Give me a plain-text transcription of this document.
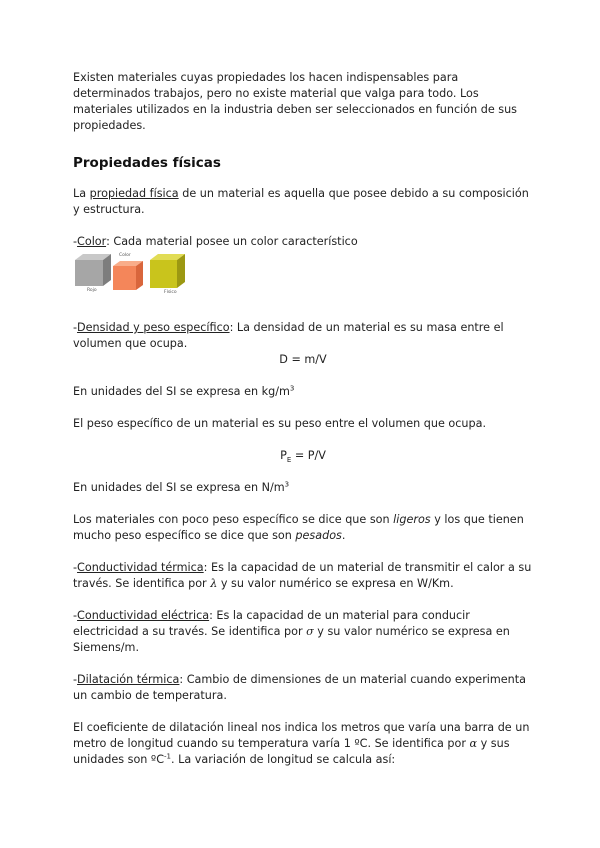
Existen materiales cuyas propiedades los hacen indispensables para determinados trabajos, pero no existe material que valga para todo. Los materiales utilizados en la industria deben ser seleccionados en función de sus propiedades.

Propiedades físicas

La propiedad física de un material es aquella que posee debido a su composición y estructura.

-Color: Cada material posee un color característico

Color
Rojo	Físico

-Densidad y peso específico: La densidad de un material es su masa entre el volumen que ocupa.

D = m/V

En unidades del SI se expresa en $kg/m^3$

El peso específico de un material es su peso entre el volumen que ocupa.

$P_E = P/V$

En unidades del SI se expresa en $N/m^3$

Los materiales con poco peso específico se dice que son ligeros y los que tienen mucho peso específico se dice que son pesados.

-Conductividad térmica: Es la capacidad de un material de transmitir el calor a su través. Se identifica por λ y su valor numérico se expresa en W/Km.

-Conductividad eléctrica: Es la capacidad de un material para conducir electricidad a su través. Se identifica por σ y su valor numérico se expresa en Siemens/m.

-Dilatación térmica: Cambio de dimensiones de un material cuando experimenta un cambio de temperatura.

El coeficiente de dilatación lineal nos indica los metros que varía una barra de un metro de longitud cuando su temperatura varía 1 ºC. Se identifica por α y sus unidades son ºC$^{-1}$. La variación de longitud se calcula así:
